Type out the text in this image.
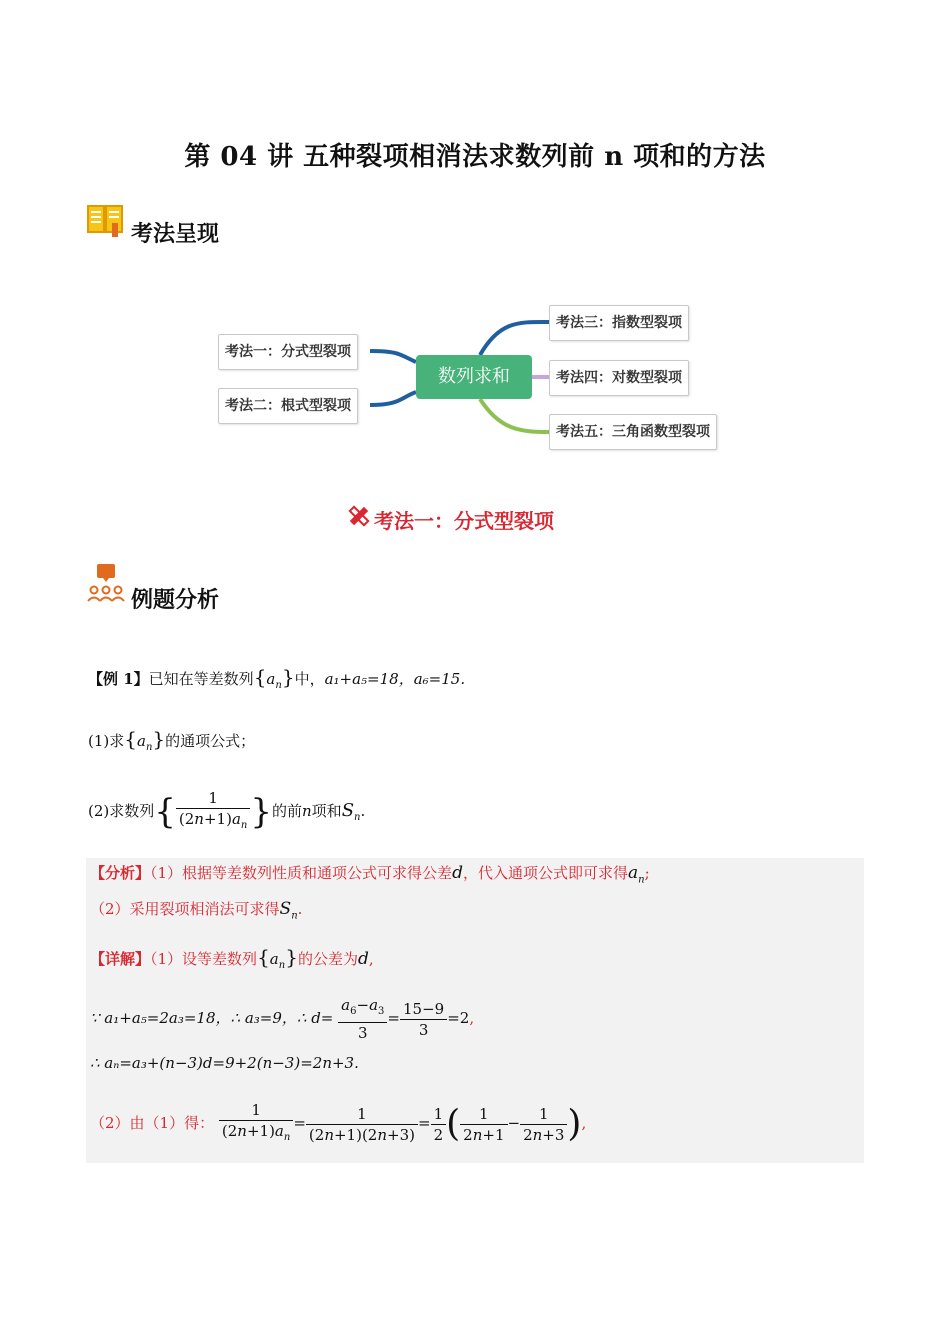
第 04 讲 五种裂项相消法求数列前 n 项和的方法
考法呈现
数列求和
考法一：分式型裂项
考法二：根式型裂项
考法三：指数型裂项
考法四：对数型裂项
考法五：三角函数型裂项
考法一：分式型裂项
例题分析
【例 1】已知在等差数列$\{a_n\}$中，a₁+a₅=18，a₆=15.
(1)求$\{a_n\}$的通项公式；
(2)求数列{ $\frac{1}{(2n+1)a_n}$ }的前n项和$S_n$.
【分析】（1）根据等差数列性质和通项公式可求得公差d，代入通项公式即可求得$a_n$;
（2）采用裂项相消法可求得$S_n$.
【详解】（1）设等差数列$\{a_n\}$的公差为d,
∵ a₁+a₅=2a₃=18，∴ a₃=9，∴ $d= \frac{a_6-a_3}{3} = \frac{15-9}{3} =2$,
∴ aₙ=a₃+(n−3)d=9+2(n−3)=2n+3.
（2）由（1）得： $\frac{1}{(2n+1)a_n} = \frac{1}{(2n+1)(2n+3)} = \frac{1}{2}$ ( $\frac{1}{2n+1} - \frac{1}{2n+3}$ ),
